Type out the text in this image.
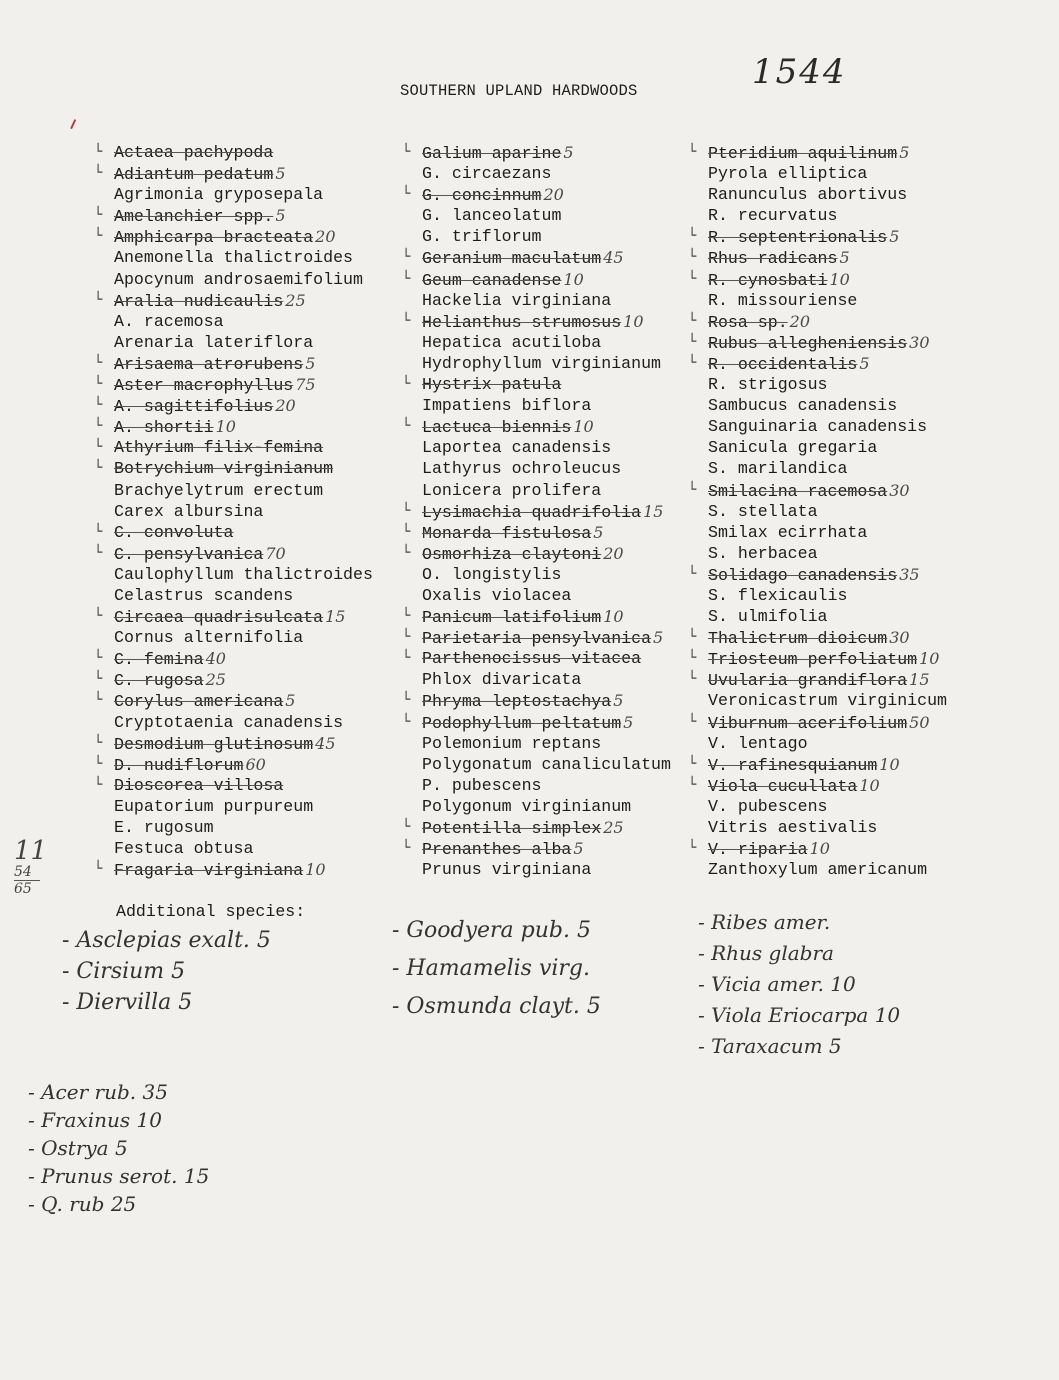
SOUTHERN UPLAND HARDWOODS	1544
└ Actaea pachypoda
└ Adiantum pedatum 5
Agrimonia gryposepala
└ Amelanchier spp. 5
└ Amphicarpa bracteata 20
Anemonella thalictroides
Apocynum androsaemifolium
└ Aralia nudicaulis 25
A. racemosa
Arenaria lateriflora
└ Arisaema atrorubens 5
└ Aster macrophyllus 75
└ A. sagittifolius 20
└ A. shortii 10
└ Athyrium filix-femina
└ Botrychium virginianum
Brachyelytrum erectum
Carex albursina
└ C. convoluta
└ C. pensylvanica 70
Caulophyllum thalictroides
Celastrus scandens
└ Circaea quadrisulcata 15
Cornus alternifolia
└ C. femina 40
└ C. rugosa 25
└ Corylus americana 5
Cryptotaenia canadensis
└ Desmodium glutinosum 45
└ D. nudiflorum 60
└ Dioscorea villosa
Eupatorium purpureum
E. rugosum
Festuca obtusa
└ Fragaria virginiana 10
└ Galium aparine 5
G. circaezans
└ G. concinnum 20
G. lanceolatum
G. triflorum
└ Geranium maculatum 45
└ Geum canadense 10
Hackelia virginiana
└ Helianthus strumosus 10
Hepatica acutiloba
Hydrophyllum virginianum
└ Hystrix patula
Impatiens biflora
└ Lactuca biennis 10
Laportea canadensis
Lathyrus ochroleucus
Lonicera prolifera
└ Lysimachia quadrifolia 15
└ Monarda fistulosa 5
└ Osmorhiza claytoni 20
O. longistylis
Oxalis violacea
└ Panicum latifolium 10
└ Parietaria pensylvanica 5
└ Parthenocissus vitacea
Phlox divaricata
└ Phryma leptostachya 5
└ Podophyllum peltatum 5
Polemonium reptans
Polygonatum canaliculatum
P. pubescens
Polygonum virginianum
└ Potentilla simplex 25
└ Prenanthes alba 5
Prunus virginiana
└ Pteridium aquilinum 5
Pyrola elliptica
Ranunculus abortivus
R. recurvatus
└ R. septentrionalis 5
└ Rhus radicans 5
└ R. cynosbati 10
R. missouriense
└ Rosa sp. 20
└ Rubus allegheniensis 30
└ R. occidentalis 5
R. strigosus
Sambucus canadensis
Sanguinaria canadensis
Sanicula gregaria
S. marilandica
└ Smilacina racemosa 30
S. stellata
Smilax ecirrhata
S. herbacea
└ Solidago canadensis 35
S. flexicaulis
S. ulmifolia
└ Thalictrum dioicum 30
└ Triosteum perfoliatum 10
└ Uvularia grandiflora 15
Veronicastrum virginicum
└ Viburnum acerifolium 50
V. lentago
└ V. rafinesquianum 10
└ Viola cucullata 10
V. pubescens
Vitris aestivalis
└ V. riparia 10
Zanthoxylum americanum
11
54
65
Additional species:
- Asclepias exalt. 5
- Cirsium 5
- Diervilla 5
- Goodyera pub. 5
- Hamamelis virg.
- Osmunda clayt. 5
- Ribes amer.
- Rhus glabra
- Vicia amer. 10
- Viola Eriocarpa 10
- Taraxacum 5
- Acer rub. 35
- Fraxinus 10
- Ostrya 5
- Prunus serot. 15
- Q. rub 25
